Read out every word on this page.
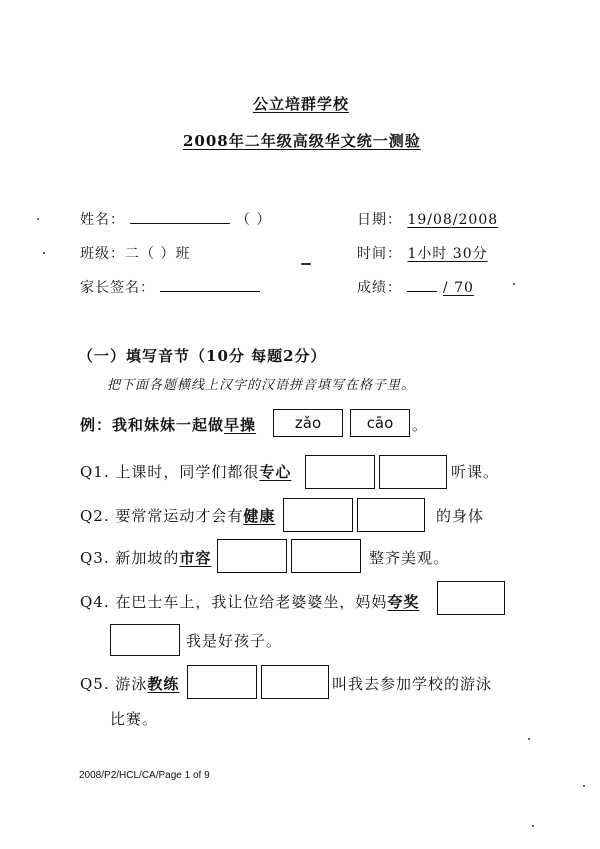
公立培群学校
2008年二年级高级华文统一测验
姓名：	（ ）	日期： 19/08/2008
班级：二（ ）班	时间： 1小时 30分
家长签名：	成绩：	/ 70
（一）填写音节（10分 每题2分）
把下面各题横线上汉字的汉语拼音填写在格子里。
例：我和妹妹一起做早操	zǎo	cāo	。
Q1. 上课时，同学们都很专心	听课。
Q2. 要常常运动才会有健康	的身体
Q3. 新加坡的市容	整齐美观。
Q4. 在巴士车上，我让位给老婆婆坐，妈妈夸奖
我是好孩子。
Q5. 游泳教练	叫我去参加学校的游泳
比赛。
2008/P2/HCL/CA/Page 1 of 9
